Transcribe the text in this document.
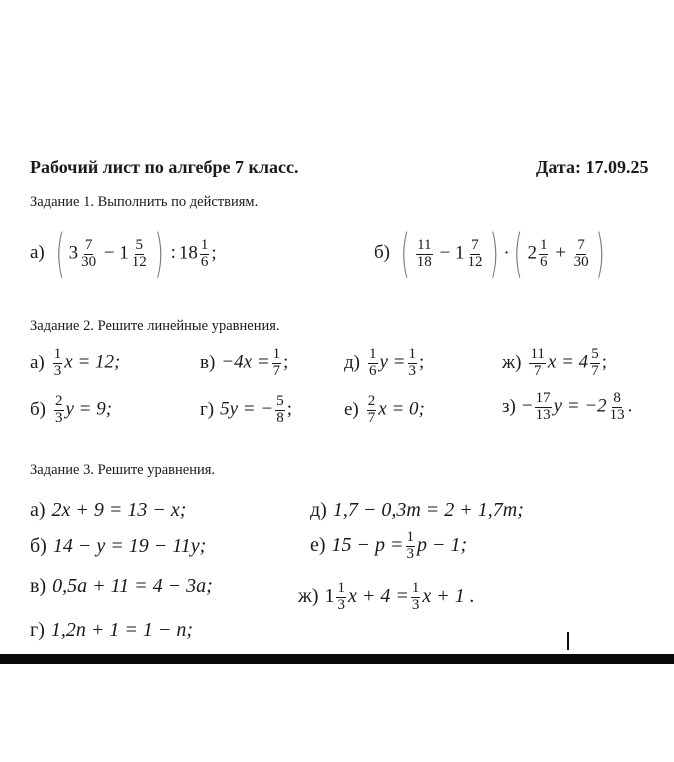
Рабочий лист по алгебре 7 класс.	Дата: 17.09.25
Задание 1. Выполнить по действиям.
а) ( $3 \frac{7}{30} - 1 \frac{5}{12}$ ) : $18 \frac{1}{6}$ ;	б) ( $\frac{11}{18} - 1 \frac{7}{12}$ ) · ( $2 \frac{1}{6} + \frac{7}{30}$ )
Задание 2. Решите линейные уравнения.
$а) \frac{1}{3}$ x = 12;	$в) -4x = \frac{1}{7}$ ;	$д) \frac{1}{6}$ $y = \frac{1}{3}$ ;	$ж) \frac{11}{7}$ $x = 4 \frac{5}{7}$ ;
$б) \frac{2}{3}$ y = 9;	г) 5y = − $\frac{5}{8}$ ;	$е) \frac{2}{7}$ x = 0;	$з) - \frac{17}{13}$ $y = -2 \frac{8}{13}$ .
Задание 3. Решите уравнения.
а) 2x + 9 = 13 − x;
б) 14 − y = 19 − 11y;
в) 0,5a + 11 = 4 − 3a;
г) 1,2n + 1 = 1 − n;
д) 1,7 − 0,3m = 2 + 1,7m;
е) $15 - p = \frac{1}{3}$ p − 1;
ж) $1 \frac{1}{3}$ $x + 4 = \frac{1}{3}$ x + 1 .
